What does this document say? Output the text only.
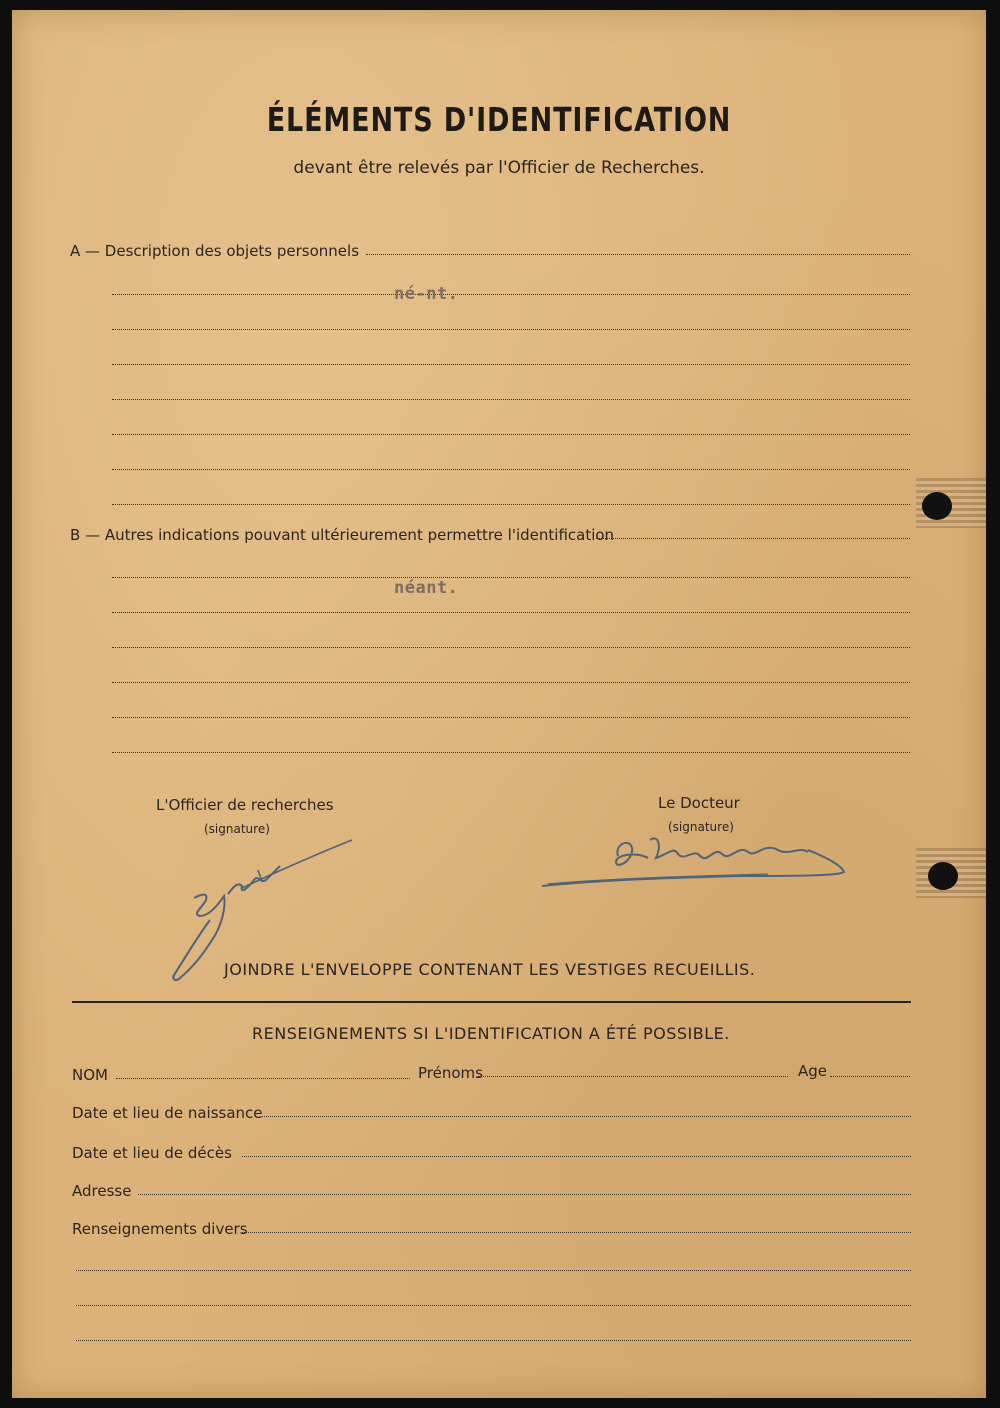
ÉLÉMENTS D'IDENTIFICATION
devant être relevés par l'Officier de Recherches.
A — Description des objets personnels
né-nt.
B — Autres indications pouvant ultérieurement permettre l'identification
néant.
L'Officier de recherches
(signature)
Le Docteur
(signature)
JOINDRE L'ENVELOPPE CONTENANT LES VESTIGES RECUEILLIS.
RENSEIGNEMENTS SI L'IDENTIFICATION A ÉTÉ POSSIBLE.
NOM	Prénoms	Age
Date et lieu de naissance
Date et lieu de décès
Adresse
Renseignements divers
